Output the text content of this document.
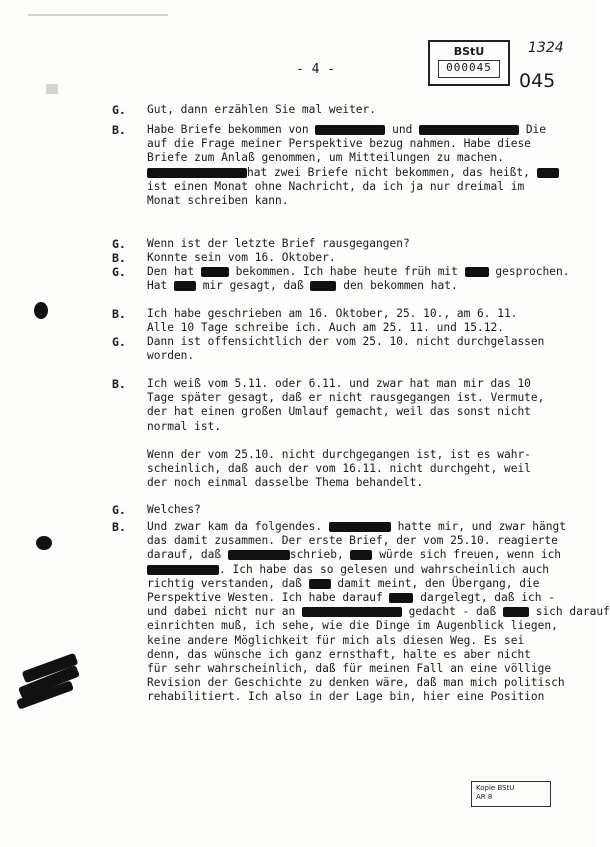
BStU
000045
1324
- 4 -
045
G. Gut, dann erzählen Sie mal weiter.
B. Habe Briefe bekommen von	und	Die
auf die Frage meiner Perspektive bezug nahmen. Habe diese
Briefe zum Anlaß genommen, um Mitteilungen zu machen.
hat zwei Briefe nicht bekommen, das heißt,
ist einen Monat ohne Nachricht, da ich ja nur dreimal im
Monat schreiben kann.
G. Wenn ist der letzte Brief rausgegangen?
B. Konnte sein vom 16. Oktober.
G. Den hat	bekommen. Ich habe heute früh mit  gesprochen.
Hat  mir gesagt, daß  den bekommen hat.
B. Ich habe geschrieben am 16. Oktober, 25. 10., am 6. 11.
Alle 10 Tage schreibe ich. Auch am 25. 11. und 15.12.
G. Dann ist offensichtlich der vom 25. 10. nicht durchgelassen
worden.
B. Ich weiß vom 5.11. oder 6.11. und zwar hat man mir das 10
Tage später gesagt, daß er nicht rausgegangen ist. Vermute,
der hat einen großen Umlauf gemacht, weil das sonst nicht
normal ist.
Wenn der vom 25.10. nicht durchgegangen ist, ist es wahr-
scheinlich, daß auch der vom 16.11. nicht durchgeht, weil
der noch einmal dasselbe Thema behandelt.
G. Welches?
B. Und zwar kam da folgendes.	hatte mir, und zwar hängt
das damit zusammen. Der erste Brief, der vom 25.10. reagierte
darauf, daß	schrieb,  würde sich freuen, wenn ich
. Ich habe das so gelesen und wahrscheinlich auch
richtig verstanden, daß  damit meint, den Übergang, die
Perspektive Westen. Ich habe darauf  dargelegt, daß ich -
und dabei nicht nur an	gedacht - daß  sich darauf
einrichten muß, ich sehe, wie die Dinge im Augenblick liegen,
keine andere Möglichkeit für mich als diesen Weg. Es sei
denn, das wünsche ich ganz ernsthaft, halte es aber nicht
für sehr wahrscheinlich, daß für meinen Fall an eine völlige
Revision der Geschichte zu denken wäre, daß man mich politisch
rehabilitiert. Ich also in der Lage bin, hier eine Position
Kopie BStU
AR 8
